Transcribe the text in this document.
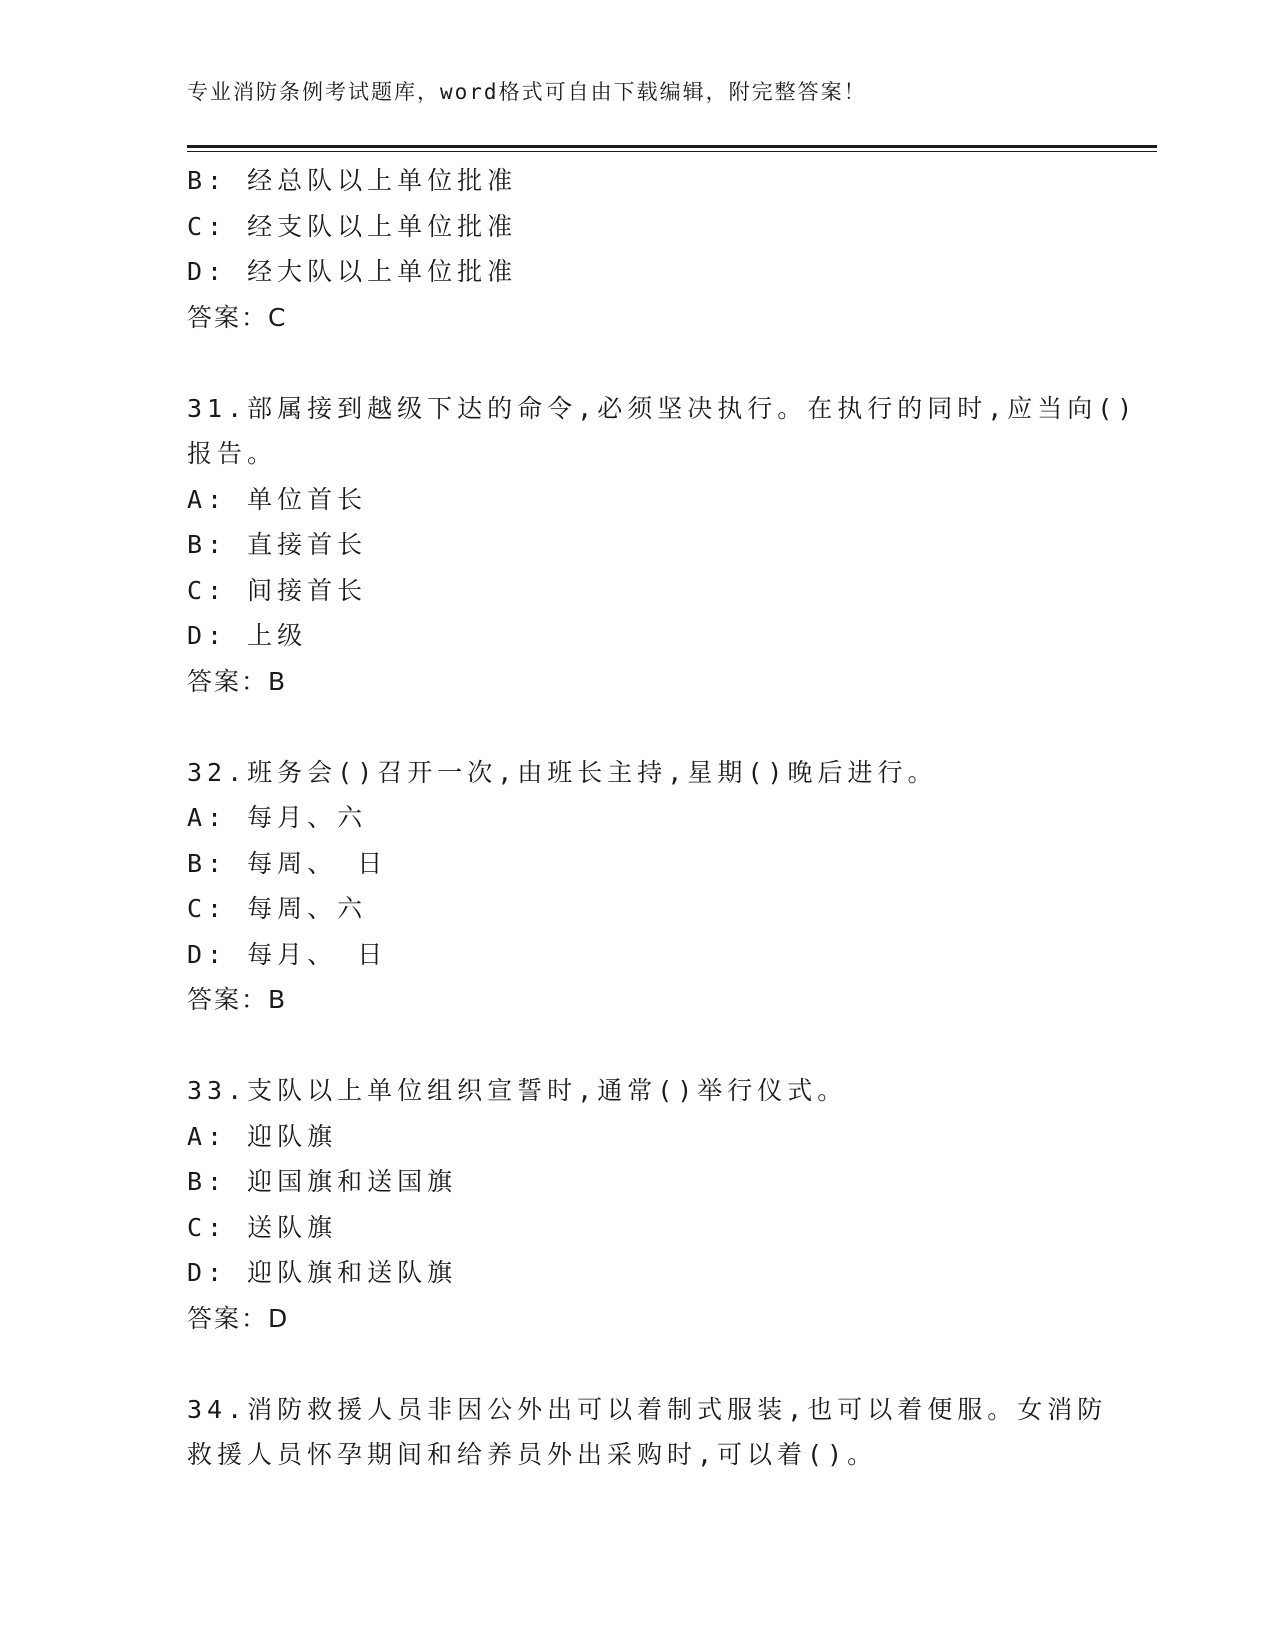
专业消防条例考试题库，word格式可自由下载编辑，附完整答案！
B: 经总队以上单位批准
C: 经支队以上单位批准
D: 经大队以上单位批准
答案：C
31.部属接到越级下达的命令,必须坚决执行。在执行的同时,应当向()
报告。
A: 单位首长
B: 直接首长
C: 间接首长
D: 上级
答案：B
32.班务会()召开一次,由班长主持,星期()晚后进行。
A: 每月、六
B: 每周、 日
C: 每周、六
D: 每月、 日
答案：B
33.支队以上单位组织宣誓时,通常()举行仪式。
A: 迎队旗
B: 迎国旗和送国旗
C: 送队旗
D: 迎队旗和送队旗
答案：D
34.消防救援人员非因公外出可以着制式服装,也可以着便服。女消防
救援人员怀孕期间和给养员外出采购时,可以着()。
